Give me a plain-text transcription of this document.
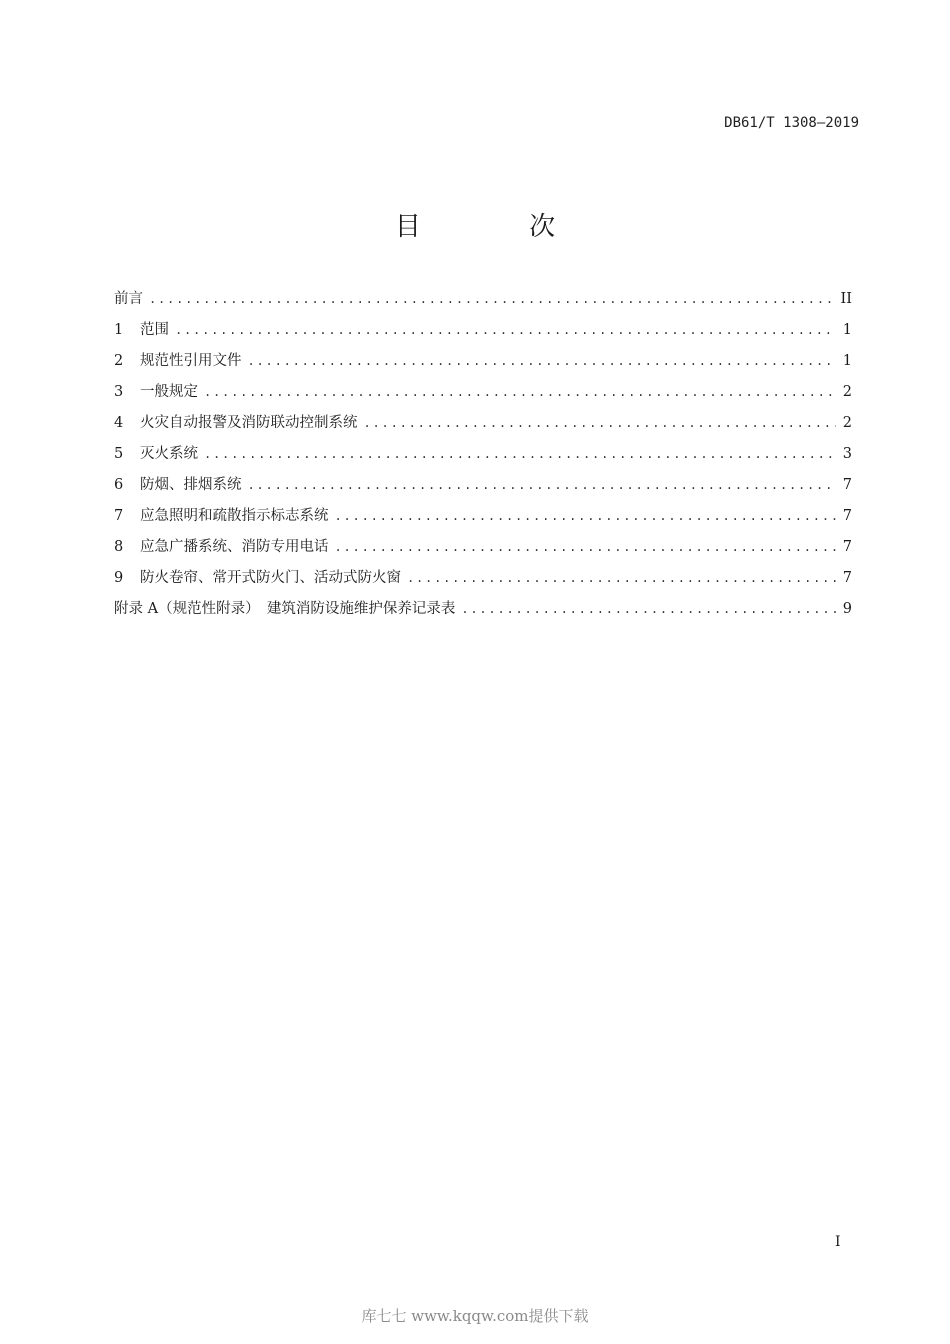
DB61/T 1308—2019
目 次
前言 .....	II
1	范围 .....	1
2	规范性引用文件 .....	1
3	一般规定 .....	2
4	火灾自动报警及消防联动控制系统 .....	2
5	灭火系统 .....	3
6	防烟、排烟系统 .....	7
7	应急照明和疏散指示标志系统 .....	7
8	应急广播系统、消防专用电话 .....	7
9	防火卷帘、常开式防火门、活动式防火窗 .....	7
附录 A（规范性附录）　建筑消防设施维护保养记录表 .....	9
I
库七七 www.kqqw.com提供下载
